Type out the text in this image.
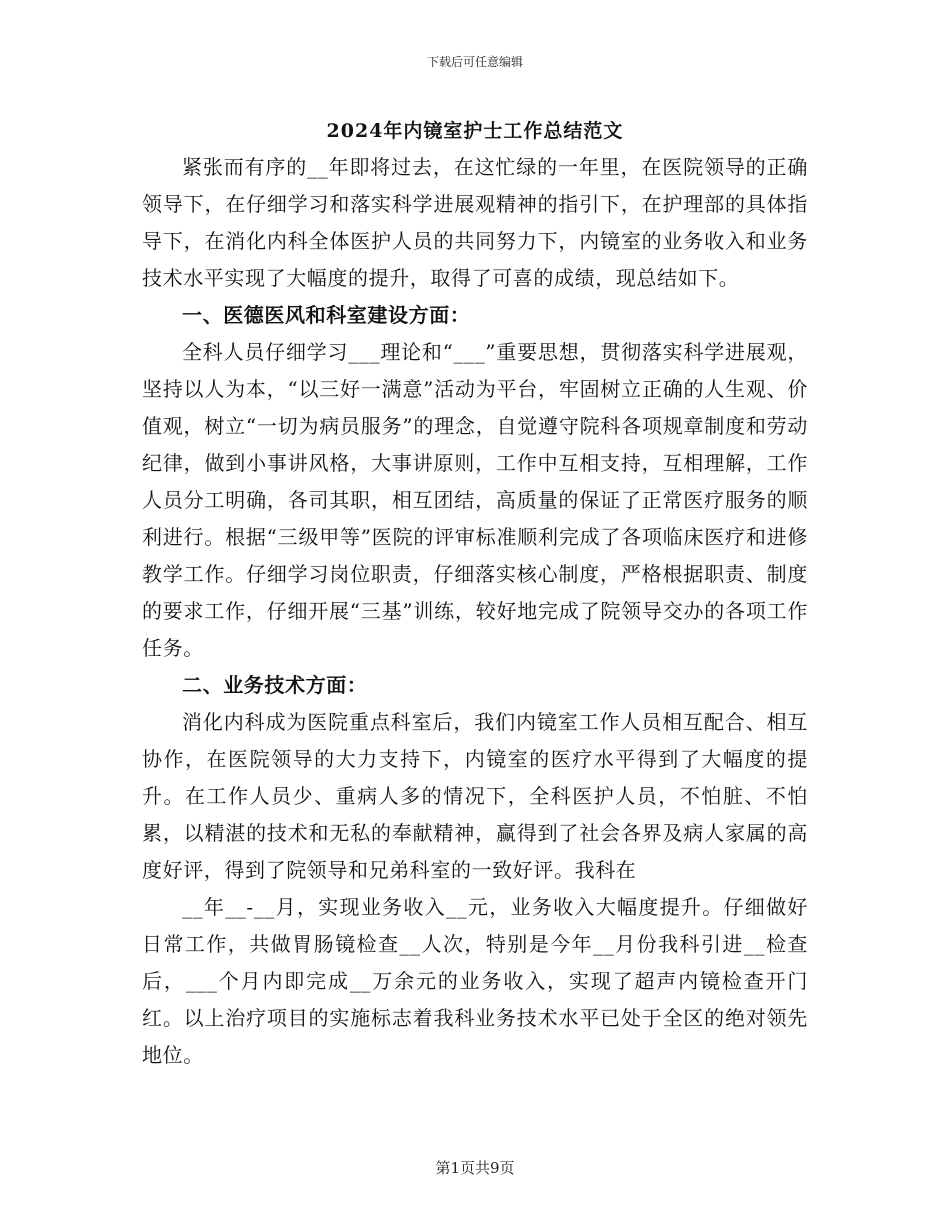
下载后可任意编辑
2024年内镜室护士工作总结范文

紧张而有序的__年即将过去，在这忙绿的一年里，在医院领导的正确领导下，在仔细学习和落实科学进展观精神的指引下，在护理部的具体指导下，在消化内科全体医护人员的共同努力下，内镜室的业务收入和业务技术水平实现了大幅度的提升，取得了可喜的成绩，现总结如下。

一、医德医风和科室建设方面：

全科人员仔细学习___理论和“___”重要思想，贯彻落实科学进展观，坚持以人为本，“以三好一满意”活动为平台，牢固树立正确的人生观、价值观，树立“一切为病员服务”的理念，自觉遵守院科各项规章制度和劳动纪律，做到小事讲风格，大事讲原则，工作中互相支持，互相理解，工作人员分工明确，各司其职，相互团结，高质量的保证了正常医疗服务的顺利进行。根据“三级甲等”医院的评审标准顺利完成了各项临床医疗和进修教学工作。仔细学习岗位职责，仔细落实核心制度，严格根据职责、制度的要求工作，仔细开展“三基”训练，较好地完成了院领导交办的各项工作任务。

二、业务技术方面：

消化内科成为医院重点科室后，我们内镜室工作人员相互配合、相互协作，在医院领导的大力支持下，内镜室的医疗水平得到了大幅度的提升。在工作人员少、重病人多的情况下，全科医护人员，不怕脏、不怕累，以精湛的技术和无私的奉献精神，赢得到了社会各界及病人家属的高度好评，得到了院领导和兄弟科室的一致好评。我科在

__年__-__月，实现业务收入__元，业务收入大幅度提升。仔细做好日常工作，共做胃肠镜检查__人次，特别是今年__月份我科引进__检查后，___个月内即完成__万余元的业务收入，实现了超声内镜检查开门红。以上治疗项目的实施标志着我科业务技术水平已处于全区的绝对领先地位。

第1页共9页
